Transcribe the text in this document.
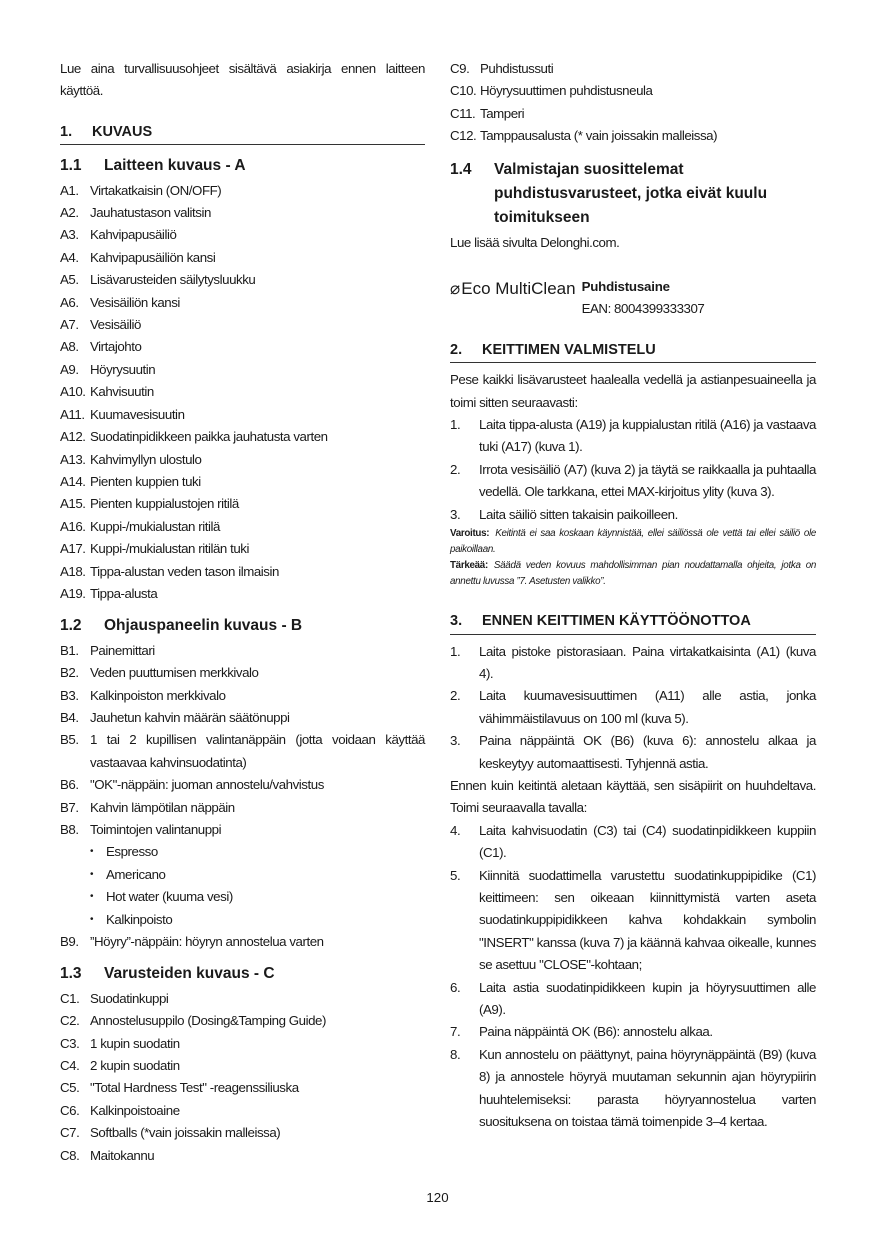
Lue aina turvallisuusohjeet sisältävä asiakirja ennen laitteen käyttöä.

1.	KUVAUS
1.1	Laitteen kuvaus - A
A1. Virtakatkaisin (ON/OFF)
A2. Jauhatustason valitsin
A3. Kahvipapusäiliö
A4. Kahvipapusäiliön kansi
A5. Lisävarusteiden säilytysluukku
A6. Vesisäiliön kansi
A7. Vesisäiliö
A8. Virtajohto
A9. Höyrysuutin
A10. Kahvisuutin
A11. Kuumavesisuutin
A12. Suodatinpidikkeen paikka jauhatusta varten
A13. Kahvimyllyn ulostulo
A14. Pienten kuppien tuki
A15. Pienten kuppialustojen ritilä
A16. Kuppi-/mukialustan ritilä
A17. Kuppi-/mukialustan ritilän tuki
A18. Tippa-alustan veden tason ilmaisin
A19. Tippa-alusta
1.2	Ohjauspaneelin kuvaus - B
B1. Painemittari
B2. Veden puuttumisen merkkivalo
B3. Kalkinpoiston merkkivalo
B4. Jauhetun kahvin määrän säätönuppi
B5. 1 tai 2 kupillisen valintanäppäin (jotta voidaan käyttää vastaavaa kahvinsuodatinta)
B6. "OK"-näppäin: juoman annostelu/vahvistus
B7. Kahvin lämpötilan näppäin
B8. Toimintojen valintanuppi
• Espresso
• Americano
• Hot water (kuuma vesi)
• Kalkinpoisto
B9. ”Höyry”-näppäin: höyryn annostelua varten
1.3	Varusteiden kuvaus - C
C1. Suodatinkuppi
C2. Annostelusuppilo (Dosing&Tamping Guide)
C3. 1 kupin suodatin
C4. 2 kupin suodatin
C5. "Total Hardness Test" -reagenssiliuska
C6. Kalkinpoistoaine
C7. Softballs (*vain joissakin malleissa)
C8. Maitokannu
C9. Puhdistussuti
C10. Höyrysuuttimen puhdistusneula
C11. Tamperi
C12. Tamppausalusta (* vain joissakin malleissa)
1.4	Valmistajan suosittelemat puhdistusvarusteet, jotka eivät kuulu toimitukseen

Lue lisää sivulta Delonghi.com.

⌀ Eco MultiClean Puhdistusaine
EAN: 8004399333307
2.	KEITTIMEN VALMISTELU

Pese kaikki lisävarusteet haalealla vedellä ja astianpesuaineella ja toimi sitten seuraavasti:

1.	Laita tippa-alusta (A19) ja kuppialustan ritilä (A16) ja vastaava tuki (A17) (kuva 1).
2.	Irrota vesisäiliö (A7) (kuva 2) ja täytä se raikkaalla ja puhtaalla vedellä. Ole tarkkana, ettei MAX-kirjoitus ylity (kuva 3).
3.	Laita säiliö sitten takaisin paikoilleen.

Varoitus: Keitintä ei saa koskaan käynnistää, ellei säiliössä ole vettä tai ellei säiliö ole paikoillaan.

Tärkeää: Säädä veden kovuus mahdollisimman pian noudattamalla ohjeita, jotka on annettu luvussa ”7. Asetusten valikko”.

3.	ENNEN KEITTIMEN KÄYTTÖÖNOTTOA
1.	Laita pistoke pistorasiaan. Paina virtakatkaisinta (A1) (kuva 4).
2.	Laita kuumavesisuuttimen (A11) alle astia, jonka vähimmäistilavuus on 100 ml (kuva 5).
3.	Paina näppäintä OK (B6) (kuva 6): annostelu alkaa ja keskeytyy automaattisesti. Tyhjennä astia.

Ennen kuin keitintä aletaan käyttää, sen sisäpiirit on huuhdeltava. Toimi seuraavalla tavalla:

4.	Laita kahvisuodatin (C3) tai (C4) suodatinpidikkeen kuppiin (C1).
5.	Kiinnitä suodattimella varustettu suodatinkuppipidike (C1) keittimeen: sen oikeaan kiinnittymistä varten aseta suodatinkuppipidikkeen kahva kohdakkain symbolin "INSERT" kanssa (kuva 7) ja käännä kahvaa oikealle, kunnes se asettuu "CLOSE"-kohtaan;
6.	Laita astia suodatinpidikkeen kupin ja höyrysuuttimen alle (A9).
7.	Paina näppäintä OK (B6): annostelu alkaa.
8.	Kun annostelu on päättynyt, paina höyrynäppäintä (B9) (kuva 8) ja annostele höyryä muutaman sekunnin ajan höyrypiirin huuhtelemiseksi: parasta höyryannostelua varten suosituksena on toistaa tämä toimenpide 3–4 kertaa.
120
